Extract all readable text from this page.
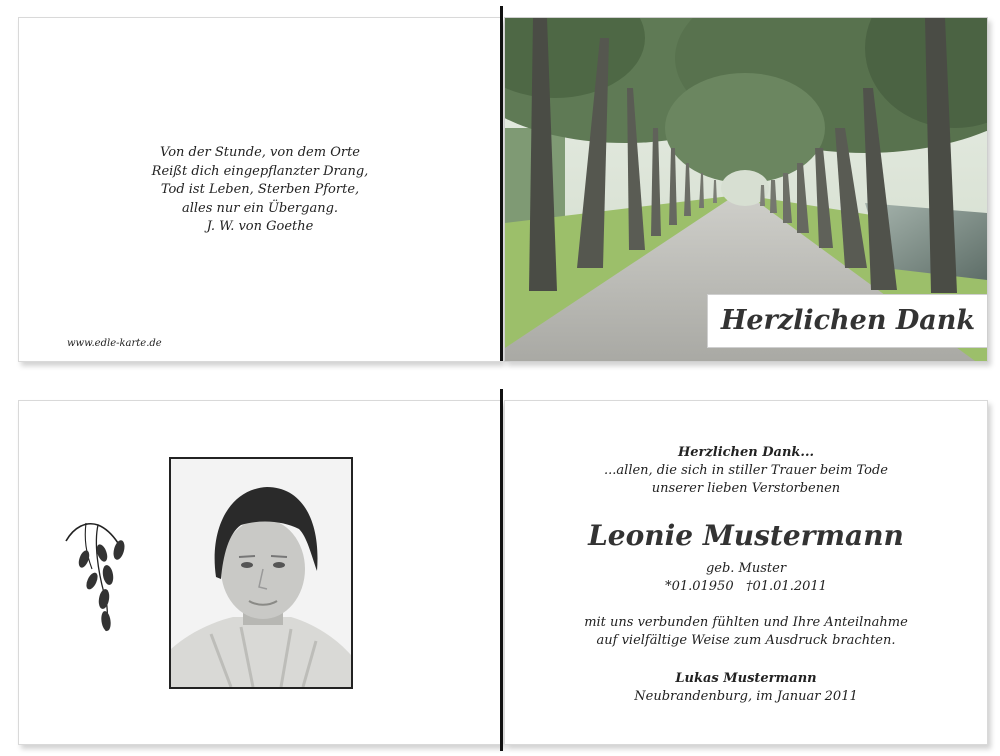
Von der Stunde, von dem Orte
Reißt dich eingepflanzter Drang,
Tod ist Leben, Sterben Pforte,
alles nur ein Übergang.
J. W. von Goethe
www.edle-karte.de
Herzlichen Dank
Herzlichen Dank...
...allen, die sich in stiller Trauer beim Tode
unserer lieben Verstorbenen
Leonie Mustermann
geb. Muster
*01.01950   †01.01.2011
mit uns verbunden fühlten und Ihre Anteilnahme
auf vielfältige Weise zum Ausdruck brachten.
Lukas Mustermann
Neubrandenburg, im Januar 2011
